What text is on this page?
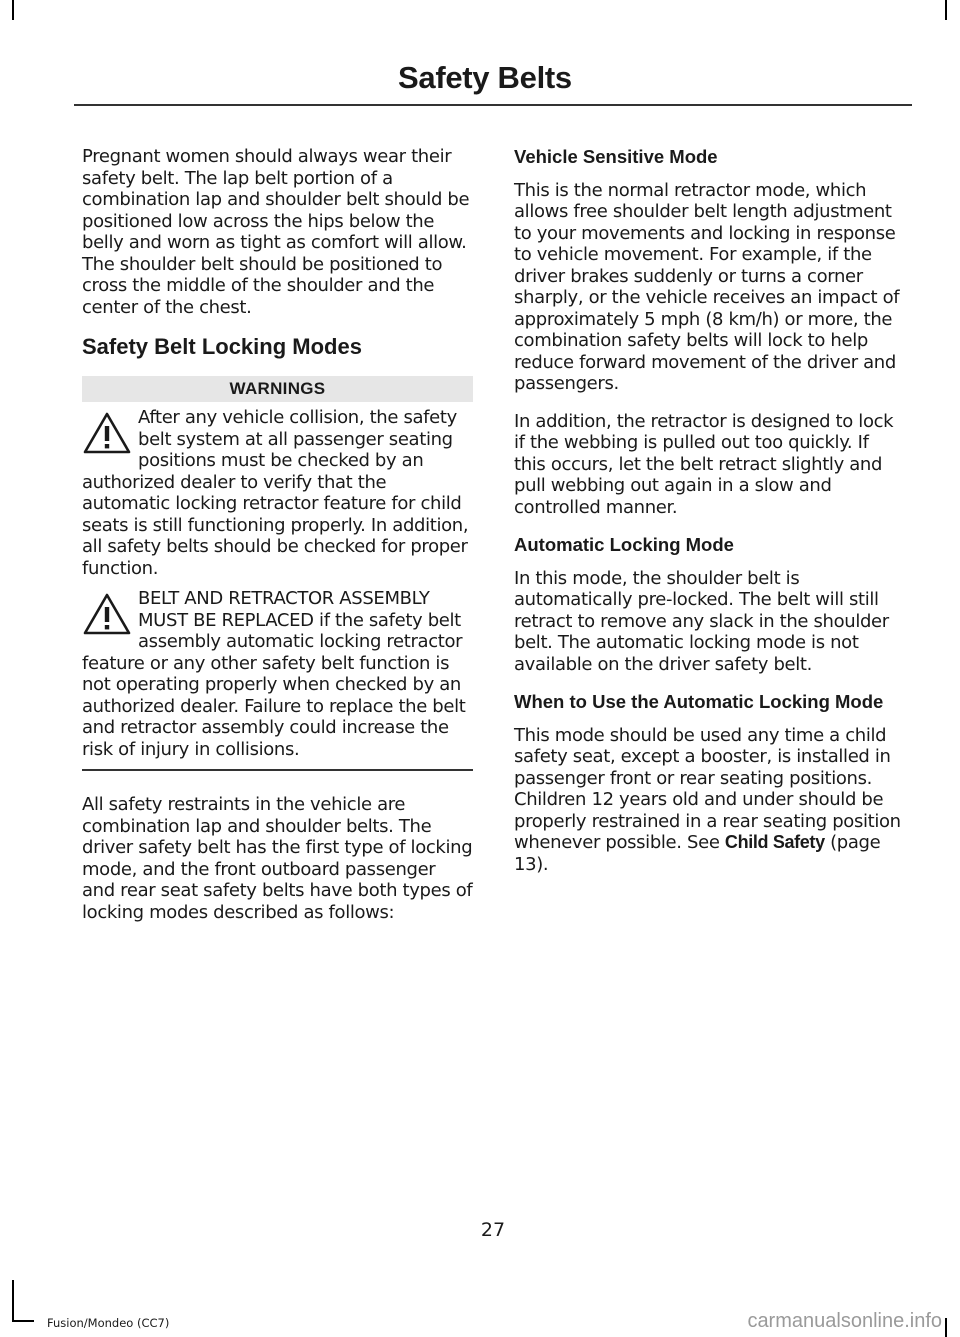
Safety Belts

Pregnant women should always wear their safety belt. The lap belt portion of a combination lap and shoulder belt should be positioned low across the hips below the belly and worn as tight as comfort will allow. The shoulder belt should be positioned to cross the middle of the shoulder and the center of the chest.

Safety Belt Locking Modes
WARNINGS

After any vehicle collision, the safety belt system at all passenger seating positions must be checked by an authorized dealer to verify that the automatic locking retractor feature for child seats is still functioning properly. In addition, all safety belts should be checked for proper function.

BELT AND RETRACTOR ASSEMBLY MUST BE REPLACED if the safety belt assembly automatic locking retractor feature or any other safety belt function is not operating properly when checked by an authorized dealer. Failure to replace the belt and retractor assembly could increase the risk of injury in collisions.

All safety restraints in the vehicle are combination lap and shoulder belts. The driver safety belt has the first type of locking mode, and the front outboard passenger and rear seat safety belts have both types of locking modes described as follows:

Vehicle Sensitive Mode

This is the normal retractor mode, which allows free shoulder belt length adjustment to your movements and locking in response to vehicle movement. For example, if the driver brakes suddenly or turns a corner sharply, or the vehicle receives an impact of approximately 5 mph (8 km/h) or more, the combination safety belts will lock to help reduce forward movement of the driver and passengers.

In addition, the retractor is designed to lock if the webbing is pulled out too quickly. If this occurs, let the belt retract slightly and pull webbing out again in a slow and controlled manner.

Automatic Locking Mode

In this mode, the shoulder belt is automatically pre-locked. The belt will still retract to remove any slack in the shoulder belt. The automatic locking mode is not available on the driver safety belt.

When to Use the Automatic Locking Mode

This mode should be used any time a child safety seat, except a booster, is installed in passenger front or rear seating positions. Children 12 years old and under should be properly restrained in a rear seating position whenever possible. See Child Safety (page 13).

27
Fusion/Mondeo (CC7)	carmanualsonline.info
